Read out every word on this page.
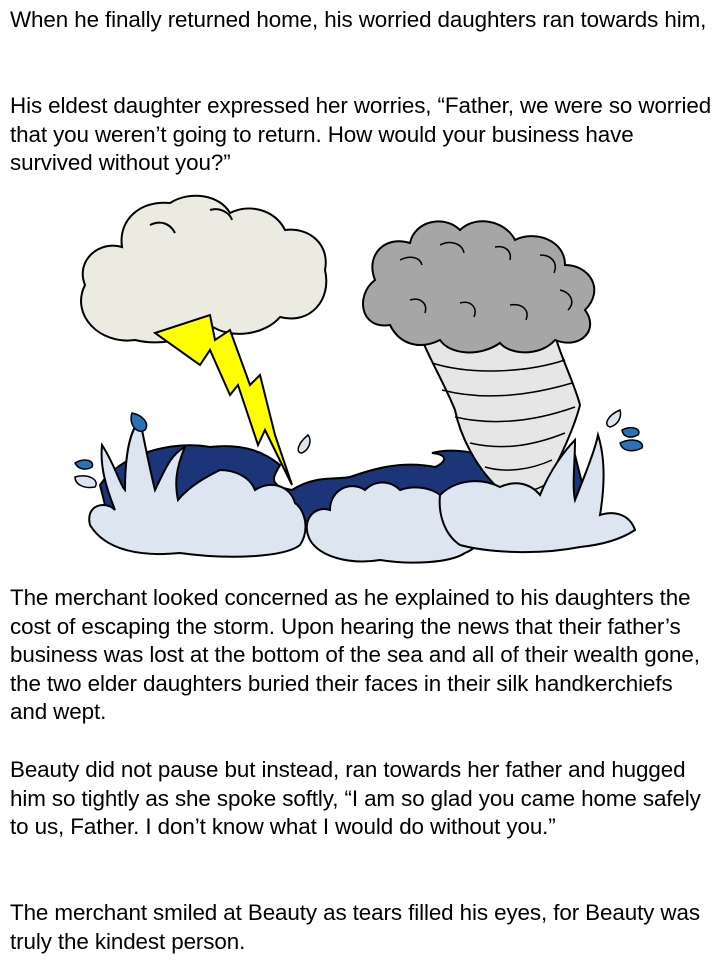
When he finally returned home, his worried daughters ran towards him,

His eldest daughter expressed her worries, “Father, we were so worried that you weren’t going to return. How would your business have survived without you?”

The merchant looked concerned as he explained to his daughters the cost of escaping the storm. Upon hearing the news that their father’s business was lost at the bottom of the sea and all of their wealth gone, the two elder daughters buried their faces in their silk handkerchiefs and wept.

Beauty did not pause but instead, ran towards her father and hugged him so tightly as she spoke softly, “I am so glad you came home safely to us, Father. I don’t know what I would do without you.”

The merchant smiled at Beauty as tears filled his eyes, for Beauty was truly the kindest person.
